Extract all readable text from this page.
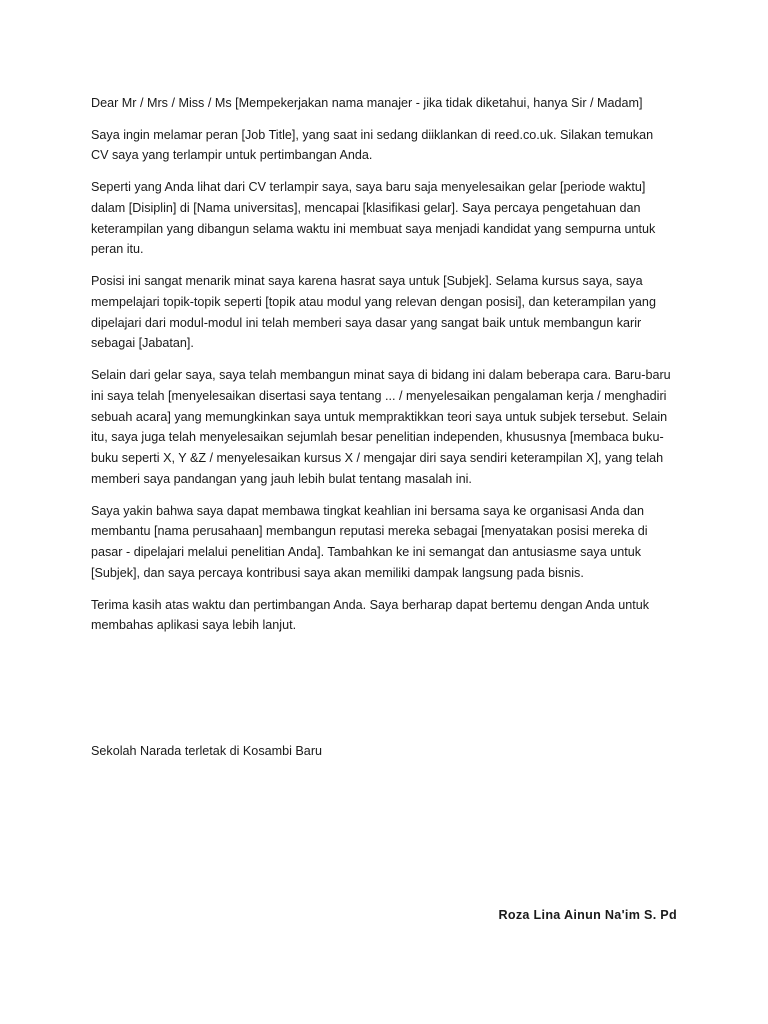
Dear Mr / Mrs / Miss / Ms [Mempekerjakan nama manajer - jika tidak diketahui, hanya Sir / Madam]

Saya ingin melamar peran [Job Title], yang saat ini sedang diiklankan di reed.co.uk. Silakan temukan CV saya yang terlampir untuk pertimbangan Anda.

Seperti yang Anda lihat dari CV terlampir saya, saya baru saja menyelesaikan gelar [periode waktu] dalam [Disiplin] di [Nama universitas], mencapai [klasifikasi gelar]. Saya percaya pengetahuan dan keterampilan yang dibangun selama waktu ini membuat saya menjadi kandidat yang sempurna untuk peran itu.

Posisi ini sangat menarik minat saya karena hasrat saya untuk [Subjek]. Selama kursus saya, saya mempelajari topik-topik seperti [topik atau modul yang relevan dengan posisi], dan keterampilan yang dipelajari dari modul-modul ini telah memberi saya dasar yang sangat baik untuk membangun karir sebagai [Jabatan].

Selain dari gelar saya, saya telah membangun minat saya di bidang ini dalam beberapa cara. Baru-baru ini saya telah [menyelesaikan disertasi saya tentang ... / menyelesaikan pengalaman kerja / menghadiri sebuah acara] yang memungkinkan saya untuk mempraktikkan teori saya untuk subjek tersebut. Selain itu, saya juga telah menyelesaikan sejumlah besar penelitian independen, khususnya [membaca buku-buku seperti X, Y &Z / menyelesaikan kursus X / mengajar diri saya sendiri keterampilan X], yang telah memberi saya pandangan yang jauh lebih bulat tentang masalah ini.

Saya yakin bahwa saya dapat membawa tingkat keahlian ini bersama saya ke organisasi Anda dan membantu [nama perusahaan] membangun reputasi mereka sebagai [menyatakan posisi mereka di pasar - dipelajari melalui penelitian Anda]. Tambahkan ke ini semangat dan antusiasme saya untuk [Subjek], dan saya percaya kontribusi saya akan memiliki dampak langsung pada bisnis.

Terima kasih atas waktu dan pertimbangan Anda. Saya berharap dapat bertemu dengan Anda untuk membahas aplikasi saya lebih lanjut.

Sekolah Narada terletak di Kosambi Baru

Roza Lina Ainun Na'im S. Pd
